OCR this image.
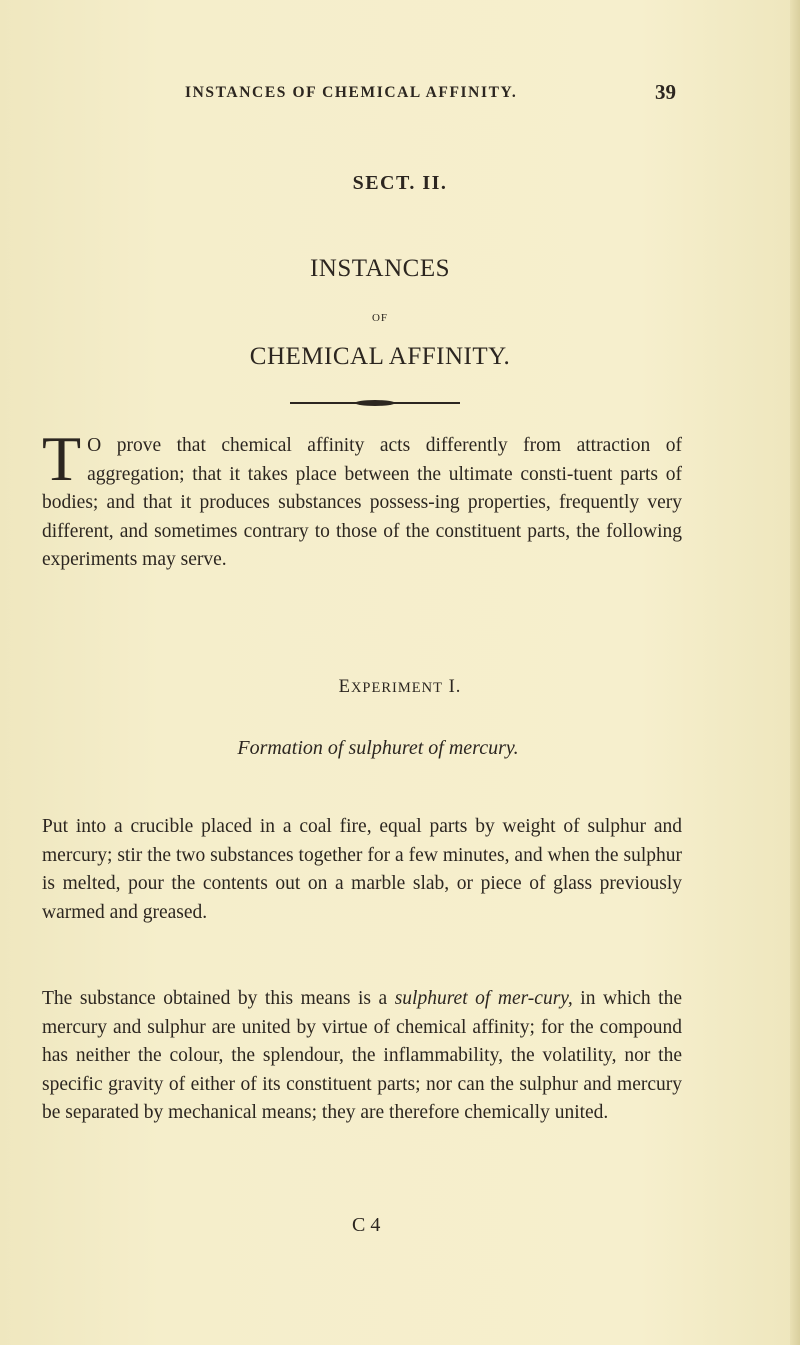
INSTANCES OF CHEMICAL AFFINITY.	39
SECT. II.
INSTANCES
OF
CHEMICAL AFFINITY.
T O prove that chemical affinity acts differently from attraction of aggregation; that it takes place between the ultimate consti-tuent parts of bodies; and that it produces substances possess-ing properties, frequently very different, and sometimes contrary to those of the constituent parts, the following experiments may serve.
EXPERIMENT I.
Formation of sulphuret of mercury.
Put into a crucible placed in a coal fire, equal parts by weight of sulphur and mercury; stir the two substances together for a few minutes, and when the sulphur is melted, pour the contents out on a marble slab, or piece of glass previously warmed and greased.
The substance obtained by this means is a sulphuret of mer-cury, in which the mercury and sulphur are united by virtue of chemical affinity; for the compound has neither the colour, the splendour, the inflammability, the volatility, nor the specific gravity of either of its constituent parts; nor can the sulphur and mercury be separated by mechanical means; they are therefore chemically united.
C 4
